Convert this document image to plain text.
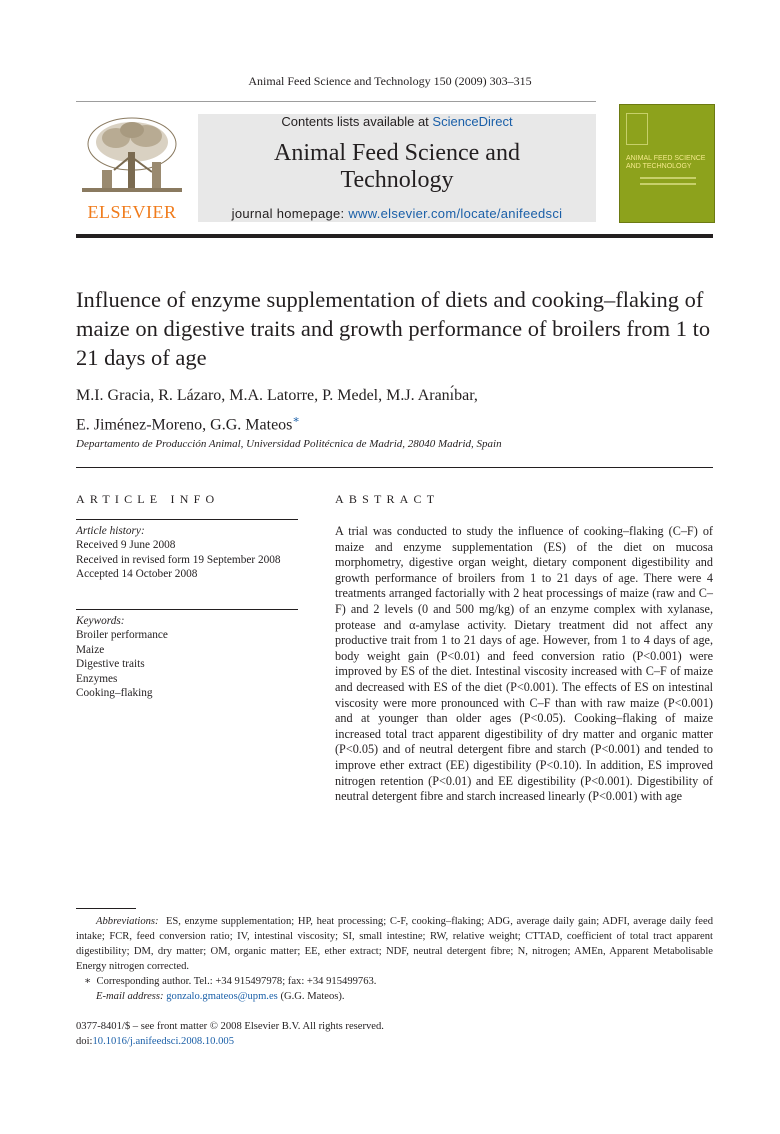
Animal Feed Science and Technology 150 (2009) 303–315
ELSEVIER
Contents lists available at ScienceDirect
Animal Feed Science and Technology
journal homepage: www.elsevier.com/locate/anifeedsci
ANIMAL FEED SCIENCE AND TECHNOLOGY
Influence of enzyme supplementation of diets and cooking–flaking of maize on digestive traits and growth performance of broilers from 1 to 21 days of age
M.I. Gracia, R. Lázaro, M.A. Latorre, P. Medel, M.J. Aranı́bar,
E. Jiménez-Moreno, G.G. Mateos∗
Departamento de Producción Animal, Universidad Politécnica de Madrid, 28040 Madrid, Spain
ARTICLE INFO	ABSTRACT
Article history:
Received 9 June 2008
Received in revised form 19 September 2008
Accepted 14 October 2008
Keywords:
Broiler performance
Maize
Digestive traits
Enzymes
Cooking–flaking
A trial was conducted to study the influence of cooking–flaking (C–F) of maize and enzyme supplementation (ES) of the diet on mucosa morphometry, digestive organ weight, dietary component digestibility and growth performance of broilers from 1 to 21 days of age. There were 4 treatments arranged factorially with 2 heat processings of maize (raw and C–F) and 2 levels (0 and 500 mg/kg) of an enzyme complex with xylanase, protease and α-amylase activity. Dietary treatment did not affect any productive trait from 1 to 21 days of age. However, from 1 to 4 days of age, body weight gain (P<0.01) and feed conversion ratio (P<0.001) were improved by ES of the diet. Intestinal viscosity increased with C–F of maize and decreased with ES of the diet (P<0.001). The effects of ES on intestinal viscosity were more pronounced with C–F than with raw maize (P<0.001) and at younger than older ages (P<0.05). Cooking–flaking of maize increased total tract apparent digestibility of dry matter and organic matter (P<0.05) and of neutral detergent fibre and starch (P<0.001) and tended to improve ether extract (EE) digestibility (P<0.10). In addition, ES improved nitrogen retention (P<0.01) and EE digestibility (P<0.001). Digestibility of neutral detergent fibre and starch increased linearly (P<0.001) with age

Abbreviations: ES, enzyme supplementation; HP, heat processing; C-F, cooking–flaking; ADG, average daily gain; ADFI, average daily feed intake; FCR, feed conversion ratio; IV, intestinal viscosity; SI, small intestine; RW, relative weight; CTTAD, coefficient of total tract apparent digestibility; DM, dry matter; OM, organic matter; EE, ether extract; NDF, neutral detergent fibre; N, nitrogen; AMEn, Apparent Metabolisable Energy nitrogen corrected.

∗ Corresponding author. Tel.: +34 915497978; fax: +34 915499763.

E-mail address: gonzalo.gmateos@upm.es (G.G. Mateos).

0377-8401/$ – see front matter © 2008 Elsevier B.V. All rights reserved.

doi:10.1016/j.anifeedsci.2008.10.005
